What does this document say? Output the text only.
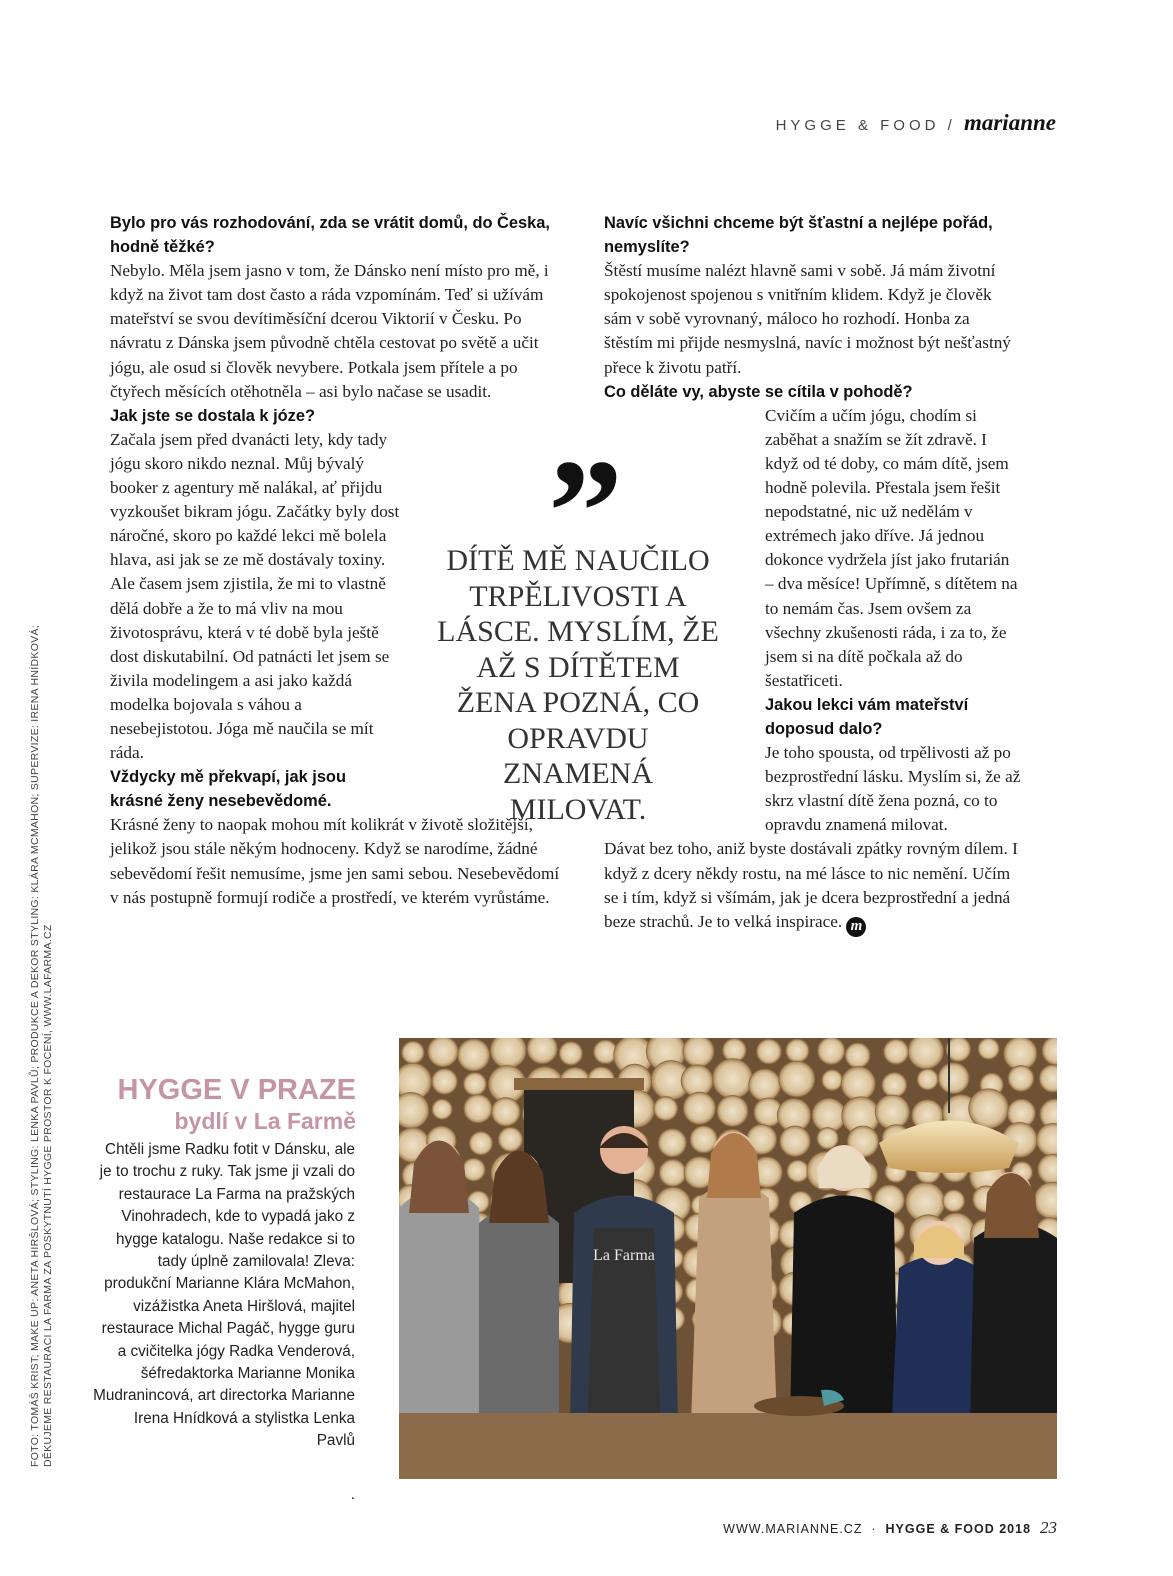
HYGGE & FOOD / marianne

Bylo pro vás rozhodování, zda se vrátit domů, do Česka, hodně těžké?

Nebylo. Měla jsem jasno v tom, že Dánsko není místo pro mě, i když na život tam dost často a ráda vzpomínám. Teď si užívám mateřství se svou devítiměsíční dcerou Viktorií v Česku. Po návratu z Dánska jsem původně chtěla cestovat po světě a učit jógu, ale osud si člověk nevybere. Potkala jsem přítele a po čtyřech měsících otěhotněla – asi bylo načase se usadit.

Jak jste se dostala k józe?

Začala jsem před dvanácti lety, kdy tady jógu skoro nikdo neznal. Můj bývalý booker z agentury mě nalákal, ať přijdu vyzkoušet bikram jógu. Začátky byly dost náročné, skoro po každé lekci mě bolela hlava, asi jak se ze mě dostávaly toxiny. Ale časem jsem zjistila, že mi to vlastně dělá dobře a že to má vliv na mou životosprávu, která v té době byla ještě dost diskutabilní. Od patnácti let jsem se živila modelingem a asi jako každá modelka bojovala s váhou a nesebejistotou. Jóga mě naučila se mít ráda.

Vždycky mě překvapí, jak jsou krásné ženy nesebevědomé.

Krásné ženy to naopak mohou mít kolikrát v životě složitější, jelikož jsou stále někým hodnoceny. Když se narodíme, žádné sebevědomí řešit nemusíme, jsme jen sami sebou. Nesebevědomí v nás postupně formují rodiče a prostředí, ve kterém vyrůstáme.

”
DÍTĚ MĚ NAUČILO TRPĚLIVOSTI A LÁSCE. MYSLÍM, ŽE AŽ S DÍTĚTEM ŽENA POZNÁ, CO OPRAVDU ZNAMENÁ MILOVAT.

Navíc všichni chceme být šťastní a nejlépe pořád, nemyslíte?

Štěstí musíme nalézt hlavně sami v sobě. Já mám životní spokojenost spojenou s vnitřním klidem. Když je člověk sám v sobě vyrovnaný, máloco ho rozhodí. Honba za štěstím mi přijde nesmyslná, navíc i možnost být nešťastný přece k životu patří.

Co děláte vy, abyste se cítila v pohodě?

Cvičím a učím jógu, chodím si zaběhat a snažím se žít zdravě. I když od té doby, co mám dítě, jsem hodně polevila. Přestala jsem řešit nepodstatné, nic už nedělám v extrémech jako dříve. Já jednou dokonce vydržela jíst jako frutarián – dva měsíce! Upřímně, s dítětem na to nemám čas. Jsem ovšem za všechny zkušenosti ráda, i za to, že jsem si na dítě počkala až do šestatřiceti.

Jakou lekci vám mateřství doposud dalo?

Je toho spousta, od trpělivosti až po bezprostřední lásku. Myslím si, že až skrz vlastní dítě žena pozná, co to opravdu znamená milovat.

Dávat bez toho, aniž byste dostávali zpátky rovným dílem. I když z dcery někdy rostu, na mé lásce to nic nemění. Učím se i tím, když si všímám, jak je dcera bezprostřední a jedná beze strachů. Je to velká inspirace. m

HYGGE V PRAZE
bydlí v La Farmě
Chtěli jsme Radku fotit v Dánsku, ale je to trochu z ruky. Tak jsme ji vzali do restaurace La Farma na pražských Vinohradech, kde to vypadá jako z hygge katalogu. Naše redakce si to tady úplně zamilovala! Zleva: produkční Marianne Klára McMahon, vizážistka Aneta Hiršlová, majitel restaurace Michal Pagáč, hygge guru a cvičitelka jógy Radka Venderová, šéfredaktorka Marianne Monika Mudranincová, art directorka Marianne Irena Hnídková a stylistka Lenka Pavlů
.
La Farma
FOTO: TOMÁŠ KRIST; MAKE UP: ANETA HIRŠLOVÁ; STYLING: LENKA PAVLŮ; PRODUKCE A DEKOR STYLING: KLÁRA MCMAHON; SUPERVIZE: IRENA HNÍDKOVÁ; DĚKUJEME RESTAURACI LA FARMA ZA POSKYTNUTÍ HYGGE PROSTOR K FOCENÍ, WWW.LAFARMA.CZ
WWW.MARIANNE.CZ · HYGGE & FOOD 2018 23
